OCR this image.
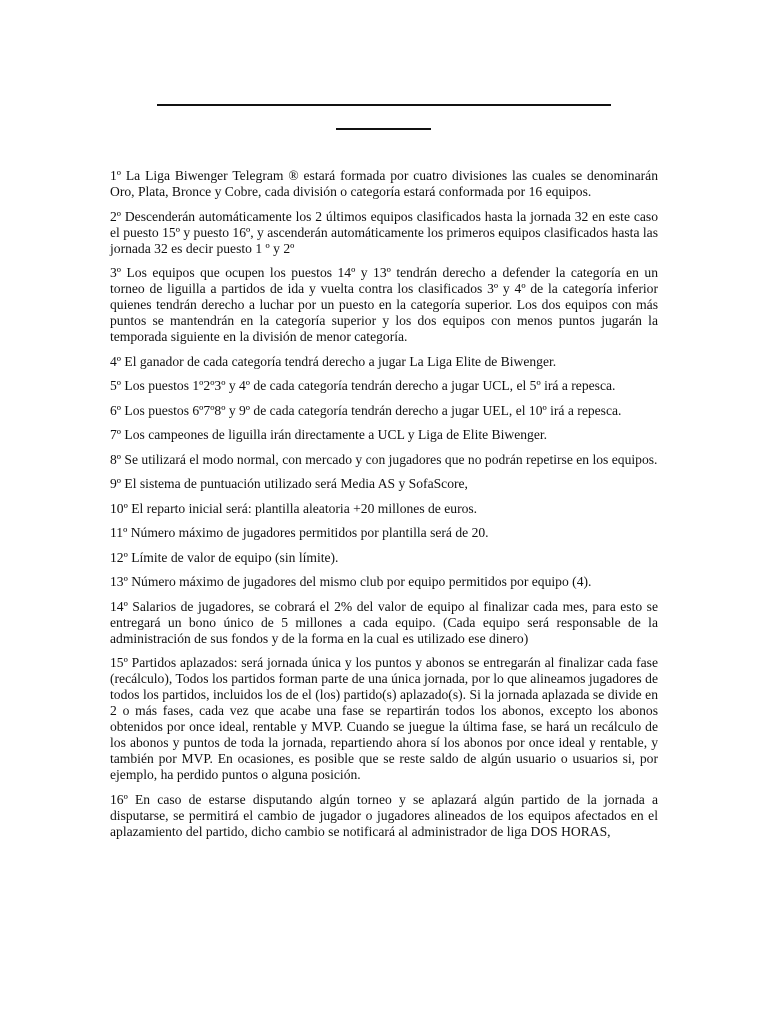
1º La Liga Biwenger Telegram ® estará formada por cuatro divisiones las cuales se denominarán Oro, Plata, Bronce y Cobre, cada división o categoría estará conformada por 16 equipos.

2º Descenderán automáticamente los 2 últimos equipos clasificados hasta la jornada 32 en este caso el puesto 15º y puesto 16º, y ascenderán automáticamente los primeros equipos clasificados hasta las jornada 32 es decir puesto 1 º y 2º

3º Los equipos que ocupen los puestos 14º y 13º tendrán derecho a defender la categoría en un torneo de liguilla a partidos de ida y vuelta contra los clasificados 3º y 4º de la categoría inferior quienes tendrán derecho a luchar por un puesto en la categoría superior. Los dos equipos con más puntos se mantendrán en la categoría superior y los dos equipos con menos puntos jugarán la temporada siguiente en la división de menor categoría.

4º El ganador de cada categoría tendrá derecho a jugar La Liga Elite de Biwenger.

5º Los puestos 1º2º3º y 4º de cada categoría tendrán derecho a jugar UCL, el 5º irá a repesca.

6º Los puestos 6º7º8º y 9º de cada categoría tendrán derecho a jugar UEL, el 10º irá a repesca.

7º Los campeones de liguilla irán directamente a UCL y Liga de Elite Biwenger.

8º Se utilizará el modo normal, con mercado y con jugadores que no podrán repetirse en los equipos.

9º El sistema de puntuación utilizado será Media AS y SofaScore,

10º El reparto inicial será: plantilla aleatoria +20 millones de euros.

11º Número máximo de jugadores permitidos por plantilla será de 20.

12º Límite de valor de equipo (sin límite).

13º Número máximo de jugadores del mismo club por equipo permitidos por equipo (4).

14º Salarios de jugadores, se cobrará el 2% del valor de equipo al finalizar cada mes, para esto se entregará un bono único de 5 millones a cada equipo. (Cada equipo será responsable de la administración de sus fondos y de la forma en la cual es utilizado ese dinero)

15º Partidos aplazados: será jornada única y los puntos y abonos se entregarán al finalizar cada fase (recálculo), Todos los partidos forman parte de una única jornada, por lo que alineamos jugadores de todos los partidos, incluidos los de el (los) partido(s) aplazado(s). Si la jornada aplazada se divide en 2 o más fases, cada vez que acabe una fase se repartirán todos los abonos, excepto los abonos obtenidos por once ideal, rentable y MVP. Cuando se juegue la última fase, se hará un recálculo de los abonos y puntos de toda la jornada, repartiendo ahora sí los abonos por once ideal y rentable, y también por MVP. En ocasiones, es posible que se reste saldo de algún usuario o usuarios si, por ejemplo, ha perdido puntos o alguna posición.

16º En caso de estarse disputando algún torneo y se aplazará algún partido de la jornada a disputarse, se permitirá el cambio de jugador o jugadores alineados de los equipos afectados en el aplazamiento del partido, dicho cambio se notificará al administrador de liga DOS HORAS,
